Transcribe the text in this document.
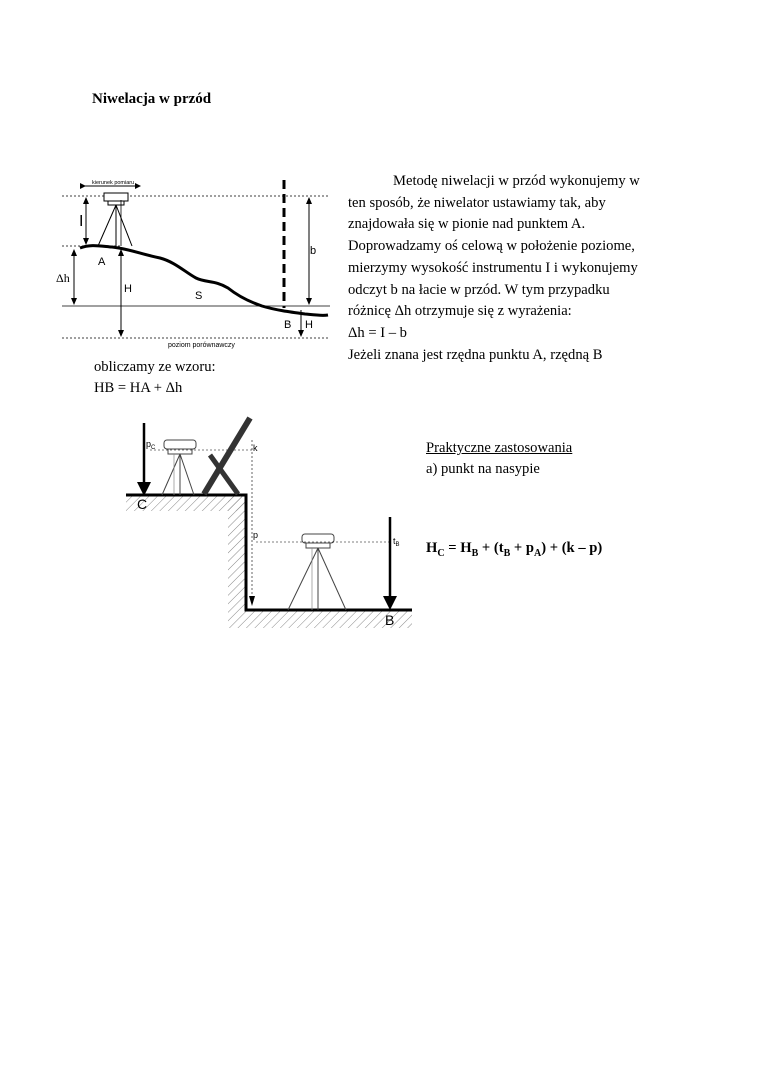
Niwelacja w przód
kierunek pomiaru
poziom porównawczy
I
Δh
H
A
S
b
B H
Metodę niwelacji w przód wykonujemy w
ten sposób, że niwelator ustawiamy tak, aby
znajdowała się w pionie nad punktem A.
Doprowadzamy oś celową w położenie poziome,
mierzymy wysokość instrumentu I i wykonujemy
odczyt b na łacie w przód. W tym przypadku
różnicę Δh otrzymuje się z wyrażenia:
Δh = I – b
Jeżeli znana jest rzędna punktu A, rzędną B
obliczamy ze wzoru:
HB = HA + Δh
$p_C$
C
k
p
$t_B$
B
Praktyczne zastosowania
a) punkt na nasypie
$H_C = H_B + (t_B + p_A) + (k - p)$
